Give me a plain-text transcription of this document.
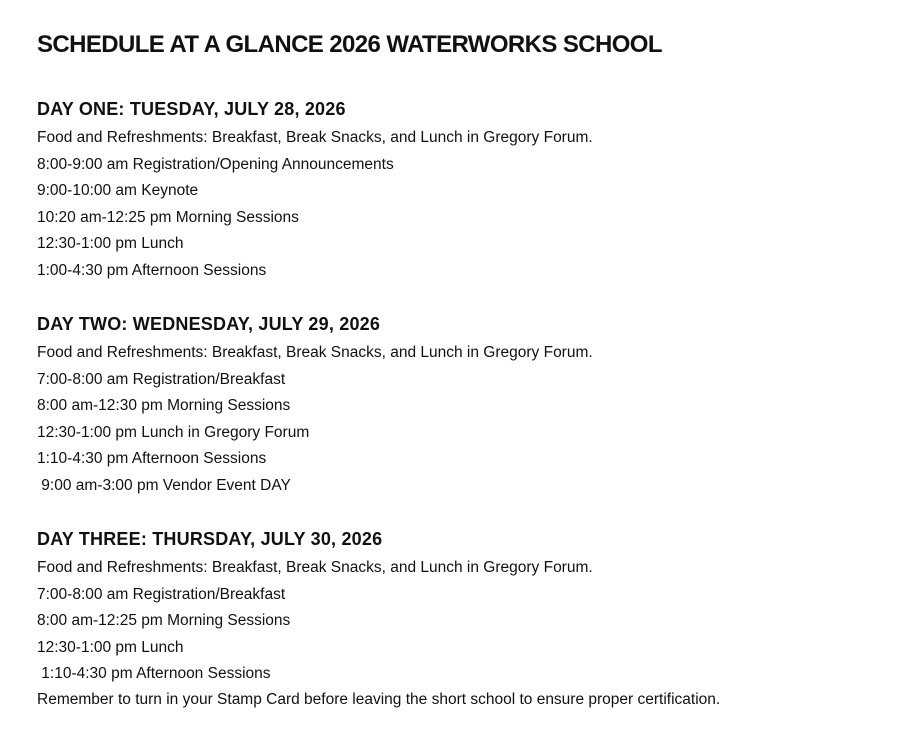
SCHEDULE AT A GLANCE 2026 WATERWORKS SCHOOL
DAY ONE: TUESDAY, JULY 28, 2026
Food and Refreshments: Breakfast, Break Snacks, and Lunch in Gregory Forum.
8:00-9:00 am Registration/Opening Announcements
9:00-10:00 am Keynote
10:20 am-12:25 pm Morning Sessions
12:30-1:00 pm Lunch
1:00-4:30 pm Afternoon Sessions
DAY TWO: WEDNESDAY, JULY 29, 2026
Food and Refreshments: Breakfast, Break Snacks, and Lunch in Gregory Forum.
7:00-8:00 am Registration/Breakfast
8:00 am-12:30 pm Morning Sessions
12:30-1:00 pm Lunch in Gregory Forum
1:10-4:30 pm Afternoon Sessions
9:00 am-3:00 pm Vendor Event DAY
DAY THREE: THURSDAY, JULY 30, 2026
Food and Refreshments: Breakfast, Break Snacks, and Lunch in Gregory Forum.
7:00-8:00 am Registration/Breakfast
8:00 am-12:25 pm Morning Sessions
12:30-1:00 pm Lunch
1:10-4:30 pm Afternoon Sessions
Remember to turn in your Stamp Card before leaving the short school to ensure proper certification.
